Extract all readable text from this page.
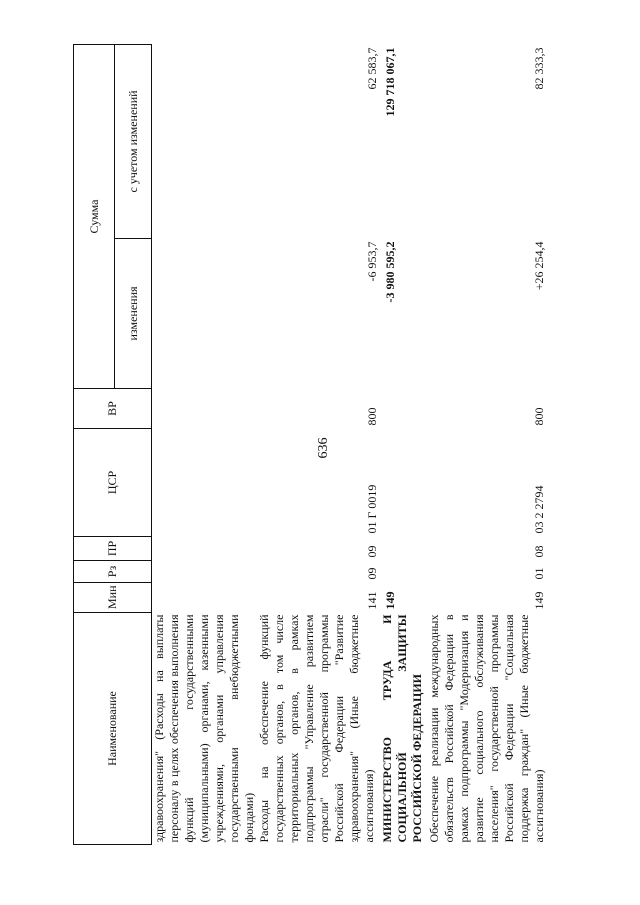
636
Наименование	Мин	Рз	ПР	ЦСР	ВР	Сумма	
						изменения	с учетом изменений
здравоохранения" (Расходы на выплаты персоналу в целях обеспечения выполнения функций государственными (муниципальными) органами, казенными учреждениями, органами управления государственными внебюджетными фондами)							
Расходы на обеспечение функций государственных органов, в том числе территориальных органов, в рамках подпрограммы "Управление развитием отрасли" государственной программы Российской Федерации "Развитие здравоохранения" (Иные бюджетные ассигнования)	141	09	09	01 Г 0019	800	-6 953,7	62 583,7
МИНИСТЕРСТВО ТРУДА И СОЦИАЛЬНОЙ ЗАЩИТЫ РОССИЙСКОЙ ФЕДЕРАЦИИ	149					-3 980 595,2	129 718 067,1
Обеспечение реализации международных обязательств Российской Федерации в рамках подпрограммы "Модернизация и развитие социального обслуживания населения" государственной программы Российской Федерации "Социальная поддержка граждан" (Иные бюджетные ассигнования)	149	01	08	03 2 2794	800	+26 254,4	82 333,3
